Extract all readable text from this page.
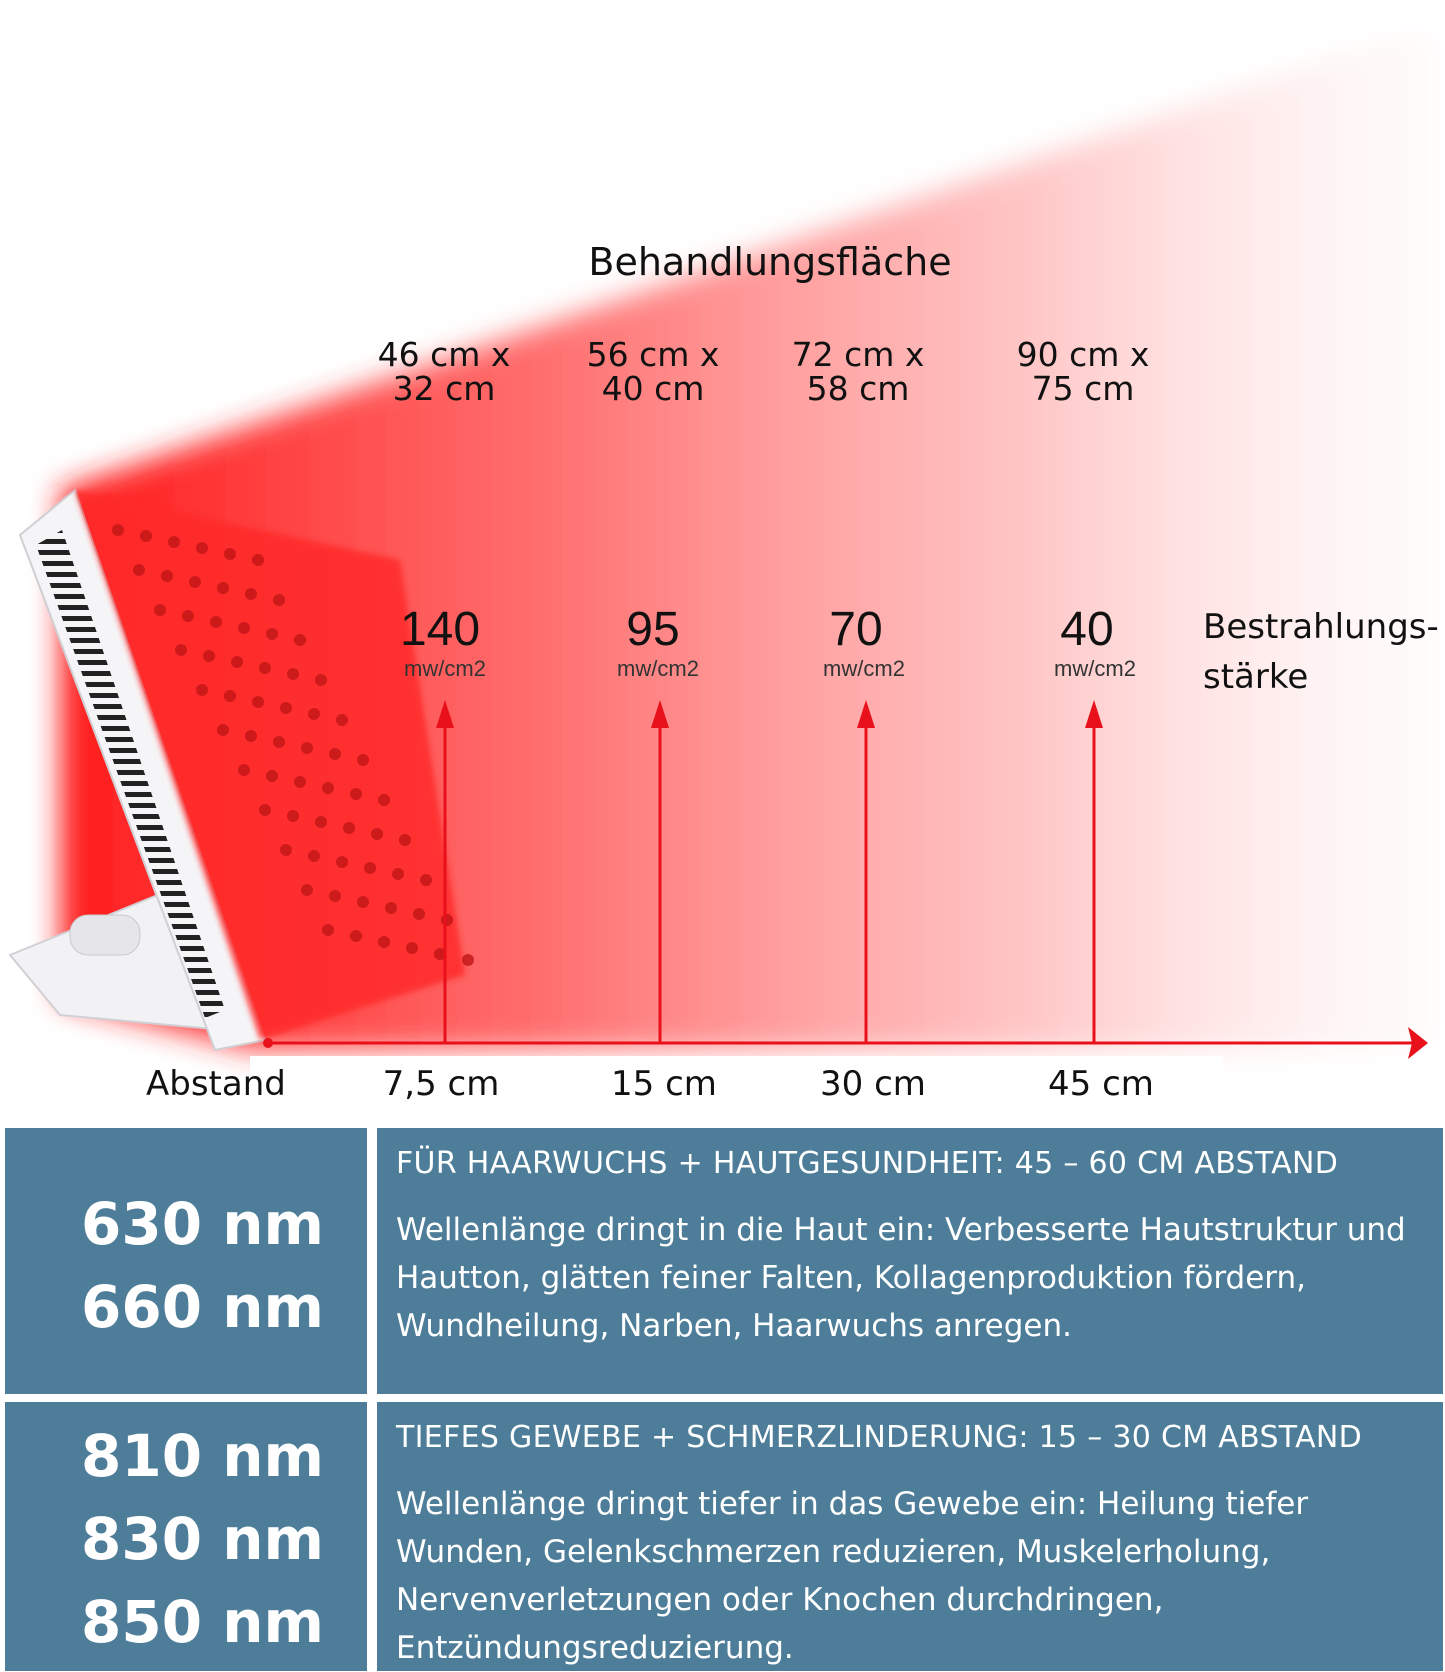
Behandlungsfläche
46 cm x
32 cm
56 cm x
40 cm
72 cm x
58 cm
90 cm x
75 cm
140	95	70	40
mw/cm2	mw/cm2	mw/cm2	mw/cm2
Bestrahlungs-
stärke
Abstand	7,5 cm	15 cm	30 cm	45 cm
630 nm
660 nm
FÜR HAARWUCHS + HAUTGESUNDHEIT: 45 – 60 CM ABSTAND
Wellenlänge dringt in die Haut ein: Verbesserte Hautstruktur und Hautton, glätten feiner Falten, Kollagenproduktion fördern, Wundheilung, Narben, Haarwuchs anregen.
810 nm
830 nm
850 nm
TIEFES GEWEBE + SCHMERZLINDERUNG: 15 – 30 CM ABSTAND
Wellenlänge dringt tiefer in das Gewebe ein: Heilung tiefer Wunden, Gelenkschmerzen reduzieren, Muskelerholung, Nervenverletzungen oder Knochen durchdringen, Entzündungsreduzierung.
